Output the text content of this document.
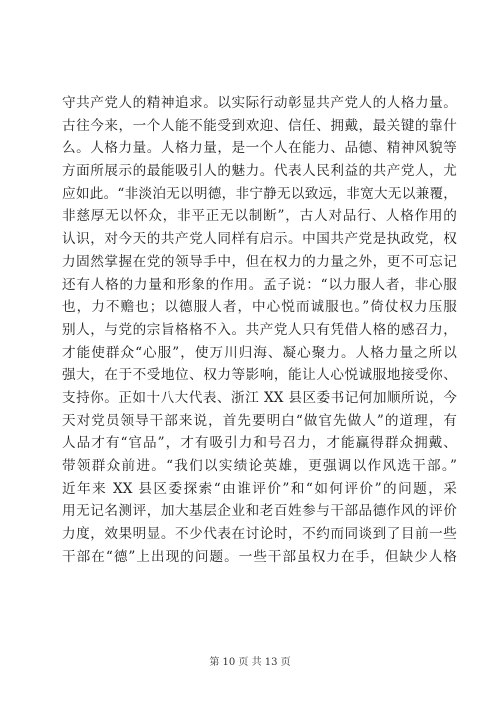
守共产党人的精神追求。以实际行动彰显共产党人的人格力量。
古往今来，一个人能不能受到欢迎、信任、拥戴，最关键的靠什
么。人格力量。人格力量，是一个人在能力、品德、精神风貌等
方面所展示的最能吸引人的魅力。代表人民利益的共产党人，尤
应如此。“非淡泊无以明德，非宁静无以致远，非宽大无以兼覆，
非慈厚无以怀众，非平正无以制断”，古人对品行、人格作用的
认识，对今天的共产党人同样有启示。中国共产党是执政党，权
力固然掌握在党的领导手中，但在权力的力量之外，更不可忘记
还有人格的力量和形象的作用。孟子说：“以力服人者，非心服
也，力不赡也；以德服人者，中心悦而诚服也。”倚仗权力压服
别人，与党的宗旨格格不入。共产党人只有凭借人格的感召力，
才能使群众“心服”，使万川归海、凝心聚力。人格力量之所以
强大，在于不受地位、权力等影响，能让人心悦诚服地接受你、
支持你。正如十八大代表、浙江 XX 县区委书记何加顺所说，今
天对党员领导干部来说，首先要明白“做官先做人”的道理，有
人品才有“官品”，才有吸引力和号召力，才能赢得群众拥戴、
带领群众前进。“我们以实绩论英雄，更强调以作风选干部。”
近年来 XX 县区委探索“由谁评价”和“如何评价”的问题，采
用无记名测评，加大基层企业和老百姓参与干部品德作风的评价
力度，效果明显。不少代表在讨论时，不约而同谈到了目前一些
干部在“德”上出现的问题。一些干部虽权力在手，但缺少人格
第 10 页 共 13 页
